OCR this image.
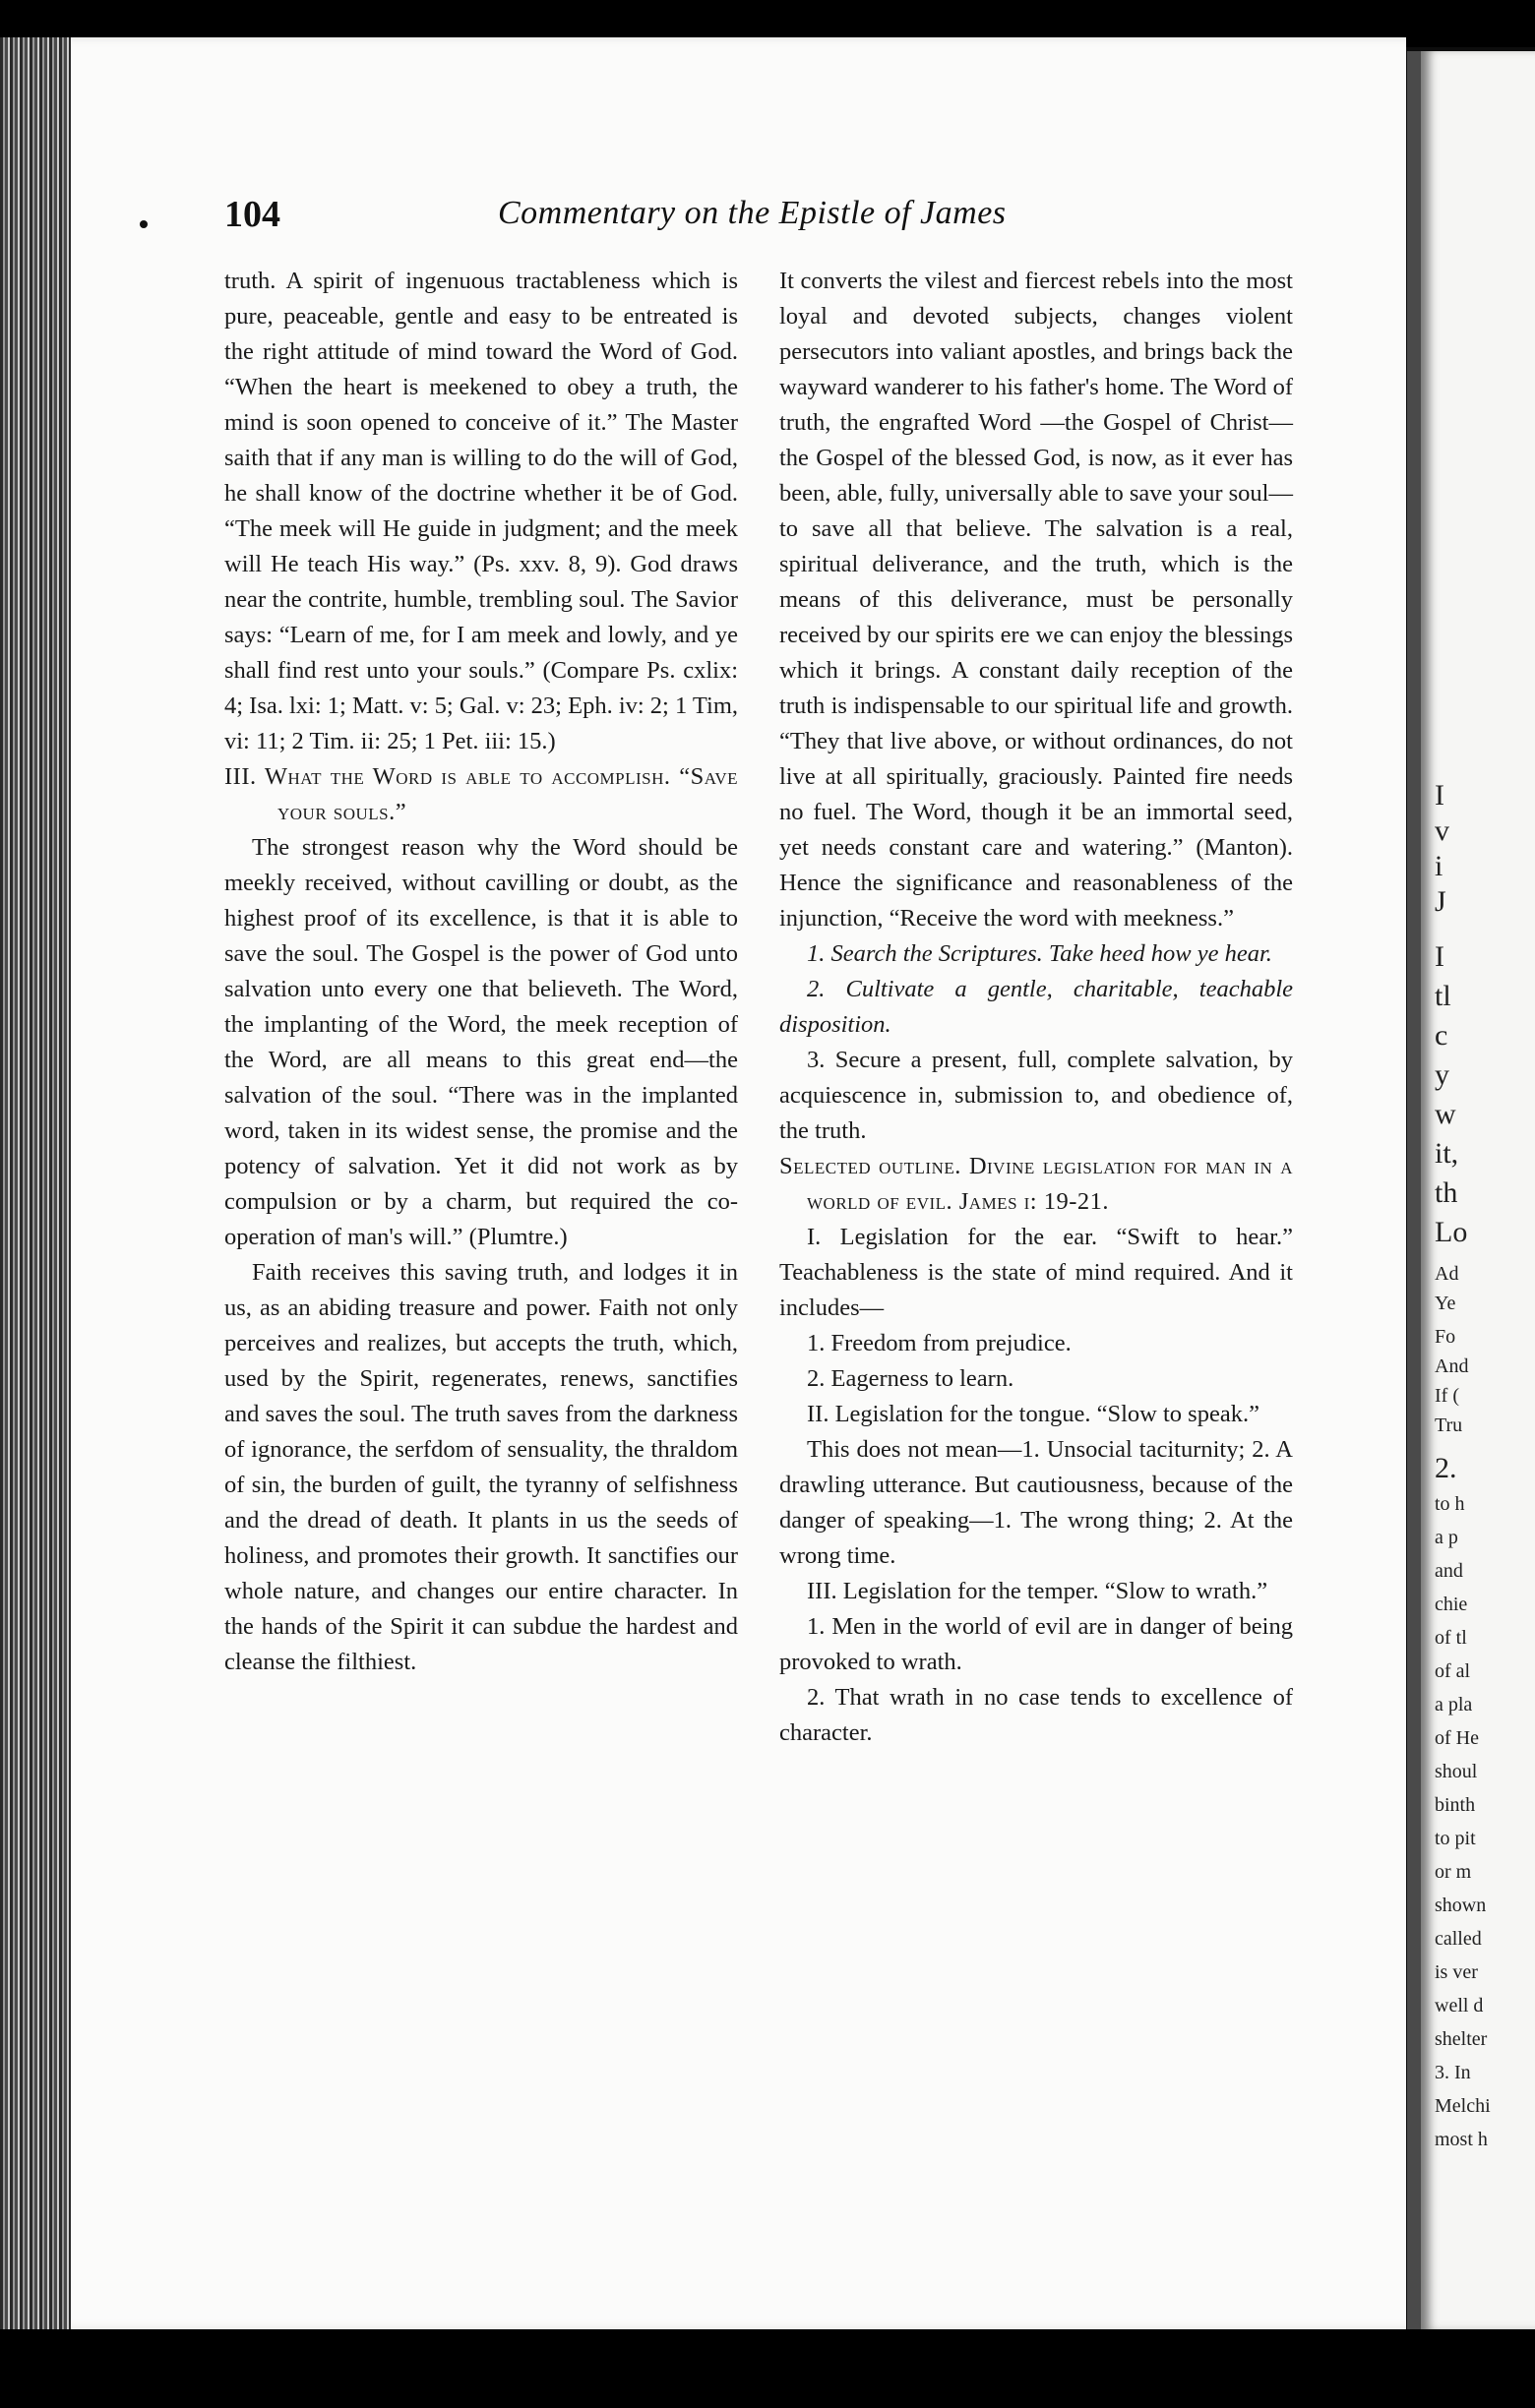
104	Commentary on the Epistle of James

truth. A spirit of ingenuous tractableness which is pure, peaceable, gentle and easy to be entreated is the right attitude of mind toward the Word of God. “When the heart is meekened to obey a truth, the mind is soon opened to conceive of it.” The Master saith that if any man is willing to do the will of God, he shall know of the doctrine whether it be of God. “The meek will He guide in judgment; and the meek will He teach His way.” (Ps. xxv. 8, 9). God draws near the contrite, humble, trembling soul. The Savior says: “Learn of me, for I am meek and lowly, and ye shall find rest unto your souls.” (Compare Ps. cxlix: 4; Isa. lxi: 1; Matt. v: 5; Gal. v: 23; Eph. iv: 2; 1 Tim, vi: 11; 2 Tim. ii: 25; 1 Pet. iii: 15.)

III. What the Word is able to accomplish. “Save your souls.”

The strongest reason why the Word should be meekly received, without cavilling or doubt, as the highest proof of its excellence, is that it is able to save the soul. The Gospel is the power of God unto salvation unto every one that believeth. The Word, the implanting of the Word, the meek reception of the Word, are all means to this great end—the salvation of the soul. “There was in the implanted word, taken in its widest sense, the promise and the potency of salvation. Yet it did not work as by compulsion or by a charm, but required the co-operation of man's will.” (Plumtre.)

Faith receives this saving truth, and lodges it in us, as an abiding treasure and power. Faith not only perceives and realizes, but accepts the truth, which, used by the Spirit, regenerates, renews, sanctifies and saves the soul. The truth saves from the darkness of ignorance, the serfdom of sensuality, the thraldom of sin, the burden of guilt, the tyranny of selfishness and the dread of death. It plants in us the seeds of holiness, and promotes their growth. It sanctifies our whole nature, and changes our entire character. In the hands of the Spirit it can subdue the hardest and cleanse the filthiest.

It converts the vilest and fiercest rebels into the most loyal and devoted subjects, changes violent persecutors into valiant apostles, and brings back the wayward wanderer to his father's home. The Word of truth, the engrafted Word —the Gospel of Christ—the Gospel of the blessed God, is now, as it ever has been, able, fully, universally able to save your soul—to save all that believe. The salvation is a real, spiritual deliverance, and the truth, which is the means of this deliverance, must be personally received by our spirits ere we can enjoy the blessings which it brings. A constant daily reception of the truth is indispensable to our spiritual life and growth. “They that live above, or without ordinances, do not live at all spiritually, graciously. Painted fire needs no fuel. The Word, though it be an immortal seed, yet needs constant care and watering.” (Manton). Hence the significance and reasonableness of the injunction, “Receive the word with meekness.”

1. Search the Scriptures. Take heed how ye hear.

2. Cultivate a gentle, charitable, teachable disposition.

3. Secure a present, full, complete salvation, by acquiescence in, submission to, and obedience of, the truth.

Selected outline. Divine legislation for man in a world of evil. James i: 19-21.

I. Legislation for the ear. “Swift to hear.” Teachableness is the state of mind required. And it includes—

1. Freedom from prejudice.

2. Eagerness to learn.

II. Legislation for the tongue. “Slow to speak.”

This does not mean—1. Unsocial taciturnity; 2. A drawling utterance. But cautiousness, because of the danger of speaking—1. The wrong thing; 2. At the wrong time.

III. Legislation for the temper. “Slow to wrath.”

1. Men in the world of evil are in danger of being provoked to wrath.

2. That wrath in no case tends to excellence of character.

I
v
i
J
I
tl
c
y
w
it,
th
Lo
Ad
Ye
Fo
And
If (
Tru
2.
to h
a p
and
chie
of tl
of al
a pla
of He
shoul
binth
to pit
or m
shown
called
is ver
well d
shelter
3. In
Melchi
most h
